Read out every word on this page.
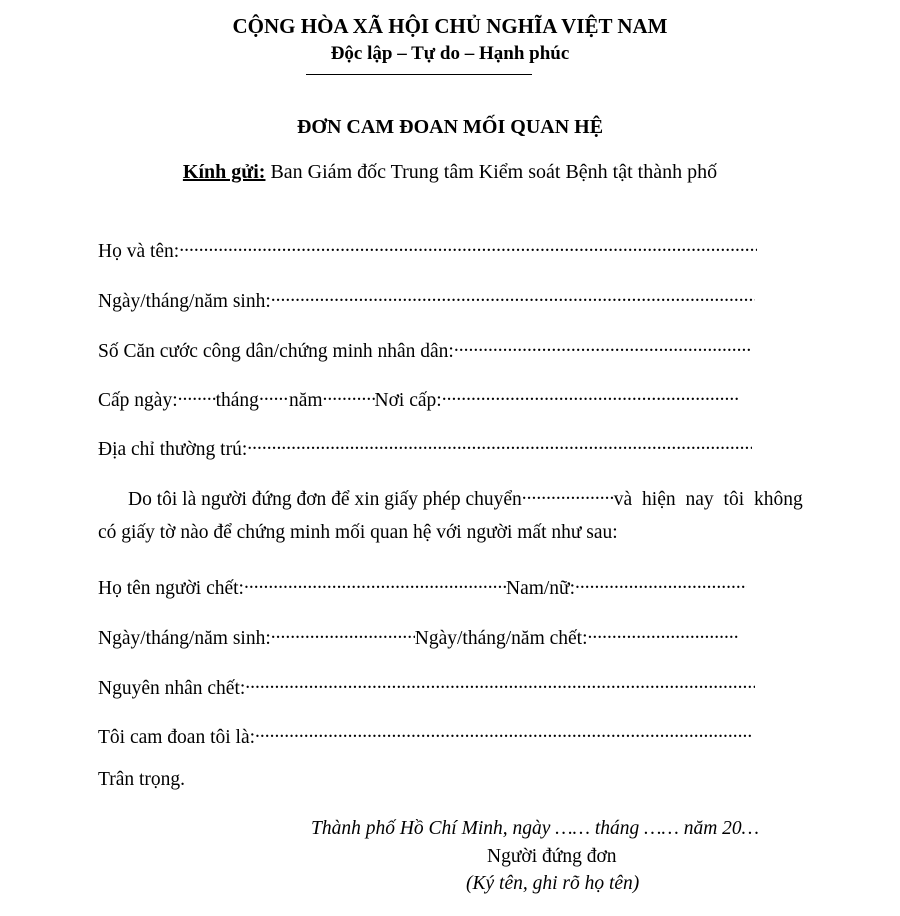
CỘNG HÒA XÃ HỘI CHỦ NGHĨA VIỆT NAM
Độc lập – Tự do – Hạnh phúc
ĐƠN CAM ĐOAN MỐI QUAN HỆ
Kính gửi: Ban Giám đốc Trung tâm Kiểm soát Bệnh tật thành phố
Họ và tên:.....
Ngày/tháng/năm sinh:.....
Số Căn cước công dân/chứng minh nhân dân:.....
Cấp ngày:.....tháng.....năm .....	Nơi cấp:.....
Địa chỉ thường trú:.....
Do tôi là người đứng đơn để xin giấy phép chuyển .....	và hiện nay tôi không
có giấy tờ nào để chứng minh mối quan hệ với người mất như sau:
Họ tên người chết: .....	Nam/nữ:.....
Ngày/tháng/năm sinh: .....	Ngày/tháng/năm chết:.....
Nguyên nhân chết:.....
Tôi cam đoan tôi là:.....
Trân trọng.
Thành phố Hồ Chí Minh, ngày …… tháng …… năm 20…
Người đứng đơn
(Ký tên, ghi rõ họ tên)
